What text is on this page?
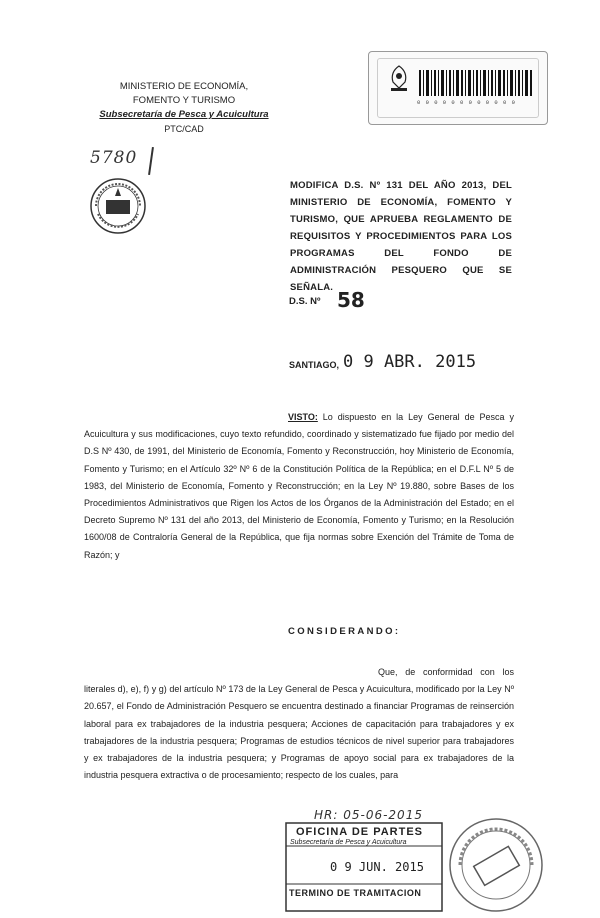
MINISTERIO DE ECONOMÍA,
FOMENTO Y TURISMO
Subsecretaría de Pesca y Acuicultura
PTC/CAD
5780
0 0 0 0 0 0 0 0 0 0 0 0
MODIFICA D.S. Nº 131 DEL AÑO 2013, DEL MINISTERIO DE ECONOMÍA, FOMENTO Y TURISMO, QUE APRUEBA REGLAMENTO DE REQUISITOS Y PROCEDIMIENTOS PARA LOS PROGRAMAS DEL FONDO DE ADMINISTRACIÓN PESQUERO QUE SE SEÑALA.
D.S. Nº 58
SANTIAGO, 0 9 ABR. 2015
VISTO: Lo dispuesto en la Ley General de Pesca y Acuicultura y sus modificaciones, cuyo texto refundido, coordinado y sistematizado fue fijado por medio del D.S Nº 430, de 1991, del Ministerio de Economía, Fomento y Reconstrucción, hoy Ministerio de Economía, Fomento y Turismo; en el Artículo 32º Nº 6 de la Constitución Política de la República; en el D.F.L Nº 5 de 1983, del Ministerio de Economía, Fomento y Reconstrucción; en la Ley Nº 19.880, sobre Bases de los Procedimientos Administrativos que Rigen los Actos de los Órganos de la Administración del Estado; en el Decreto Supremo Nº 131 del año 2013, del Ministerio de Economía, Fomento y Turismo; en la Resolución 1600/08 de Contraloría General de la República, que fija normas sobre Exención del Trámite de Toma de Razón; y
CONSIDERANDO:
Que, de conformidad con los literales d), e), f) y g) del artículo Nº 173 de la Ley General de Pesca y Acuicultura, modificado por la Ley Nº 20.657, el Fondo de Administración Pesquero se encuentra destinado a financiar Programas de reinserción laboral para ex trabajadores de la industria pesquera; Acciones de capacitación para trabajadores y ex trabajadores de la industria pesquera; Programas de estudios técnicos de nivel superior para trabajadores y ex trabajadores de la industria pesquera; y Programas de apoyo social para ex trabajadores de la industria pesquera extractiva o de procesamiento; respecto de los cuales, para
HR: 05-06-2015
OFICINA DE PARTES
Subsecretaría de Pesca y Acuicultura
0 9 JUN. 2015
TERMINO DE TRAMITACION
